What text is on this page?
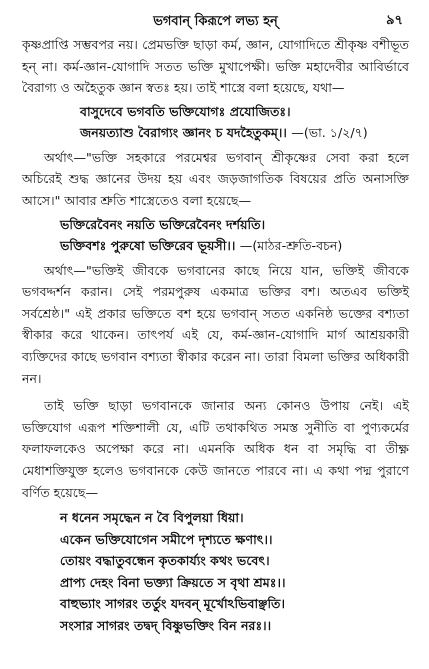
ভগবান্ কিরূপে লভ্য হন্	৯৭

কৃষ্ণপ্রাপ্তি সম্ভবপর নয়। প্রেমভক্তি ছাড়া কর্ম, জ্ঞান, যোগাদিতে শ্রীকৃষ্ণ বশীভূত হন্ না। কর্ম-জ্ঞান-যোগাদি সতত ভক্তি মুখাপেক্ষী। ভক্তি মহাদেবীর আবির্ভাবে বৈরাগ্য ও অহৈতুক জ্ঞান স্বতঃ হয়। তাই শাস্ত্রে বলা হয়েছে, যথা—

বাসুদেবে ভগবতি ভক্তিযোগঃ প্রযোজিতঃ।
জনয়ত্যাশু বৈরাগ্যং জ্ঞানং চ যদহৈতুকম্।। —(ভা. ১/২/৭)

অর্থাৎ—"ভক্তি সহকারে পরমেশ্বর ভগবান্ শ্রীকৃষ্ণের সেবা করা হলে অচিরেই শুদ্ধ জ্ঞানের উদয় হয় এবং জড়জাগতিক বিষয়ের প্রতি অনাসক্তি আসে।" আবার শ্রুতি শাস্ত্রেতেও বলা হয়েছে—

ভক্তিরেবৈনং নয়তি ভক্তিরেবৈনং দর্শয়তি।
ভক্তিবশঃ পুরুষো ভক্তিরেব ভূয়সী।। —(মাঠর-শ্রুতি-বচন)

অর্থাৎ—"ভক্তিই জীবকে ভগবানের কাছে নিয়ে যান, ভক্তিই জীবকে ভগবদ্দর্শন করান। সেই পরমপুরুষ একমাত্র ভক্তির বশ। অতএব ভক্তিই সর্বশ্রেষ্ঠ।" এই প্রকার ভক্তিতে বশ হয়ে ভগবান্ সতত একনিষ্ঠ ভক্তের বশ্যতা স্বীকার করে থাকেন। তাৎপর্য এই যে, কর্ম-জ্ঞান-যোগাদি মার্গ আশ্রয়কারী ব্যক্তিদের কাছে ভগবান বশ্যতা স্বীকার করেন না। তারা বিমলা ভক্তির অধিকারী নন।

তাই ভক্তি ছাড়া ভগবানকে জানার অন্য কোনও উপায় নেই। এই ভক্তিযোগ এরূপ শক্তিশালী যে, এটি তথাকথিত সমস্ত সুনীতি বা পুণ্যকর্মের ফলাফলকেও অপেক্ষা করে না। এমনকি অধিক ধন বা সমৃদ্ধি বা তীক্ষ্ণ মেধাশক্তিযুক্ত হলেও ভগবানকে কেউ জানতে পারবে না। এ কথা পদ্ম পুরাণে বর্ণিত হয়েছে—

ন ধনেন সমৃদ্ধেন ন বৈ বিপুলয়া ধিয়া।
একেন ভক্তিযোগেন সমীপে দৃশ্যতে ক্ষণাৎ।।
তোয়ং বদ্ধাতুবন্ধেন কৃতকার্য্যং কথং ভবেৎ।
প্রাপ্য দেহং বিনা ভক্ত্যা ক্রিয়তে স বৃথা শ্রমঃ।।
বাহুভ্যাং সাগরং তর্তুং যদবন্ মূর্খোঽভিবাঞ্ছতি।
সংসার সাগরং তদ্বদ্ বিষ্ণুভক্তিং বিন নরঃ।।
